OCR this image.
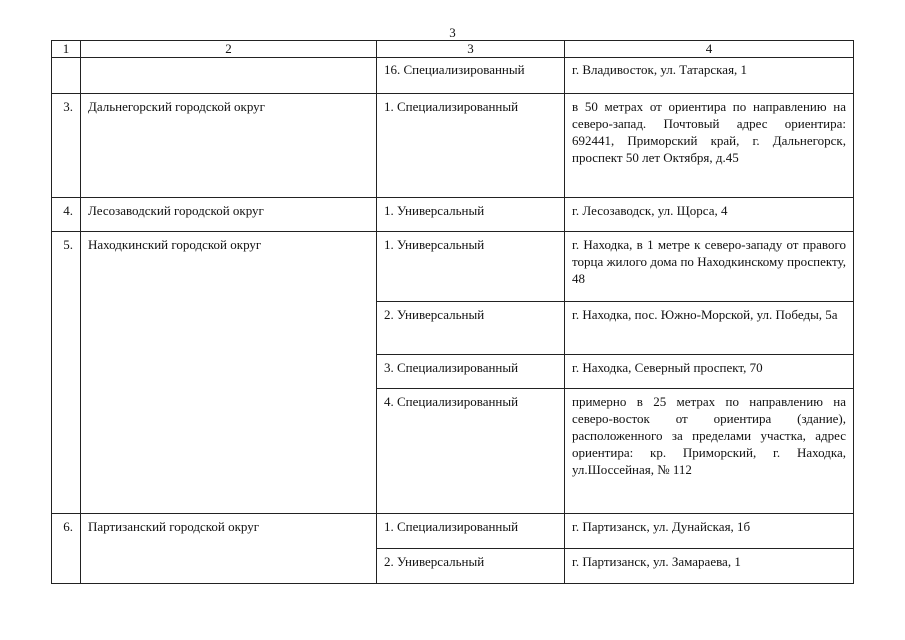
3
1	2	3	4
		16. Специализированный	г. Владивосток, ул. Татарская, 1
3.	Дальнегорский городской округ	1. Специализированный	в 50 метрах от ориентира по направлению на северо-запад. Почтовый адрес ориентира: 692441, Приморский край, г. Дальнегорск, проспект 50 лет Октября, д.45
4.	Лесозаводский городской округ	1. Универсальный	г. Лесозаводск, ул. Щорса, 4
5.	Находкинский городской округ	1. Универсальный	г. Находка, в 1 метре к северо-западу от правого торца жилого дома по Находкинскому проспекту, 48
		2. Универсальный	г. Находка, пос. Южно-Морской, ул. Победы, 5а
		3. Специализированный	г. Находка, Северный проспект, 70
		4. Специализированный	примерно в 25 метрах по направлению на северо-восток от ориентира (здание), расположенного за пределами участка, адрес ориентира: кр. Приморский, г. Находка, ул.Шоссейная, № 112
6.	Партизанский городской округ	1. Специализированный	г. Партизанск, ул. Дунайская, 1б
		2. Универсальный	г. Партизанск, ул. Замараева, 1
